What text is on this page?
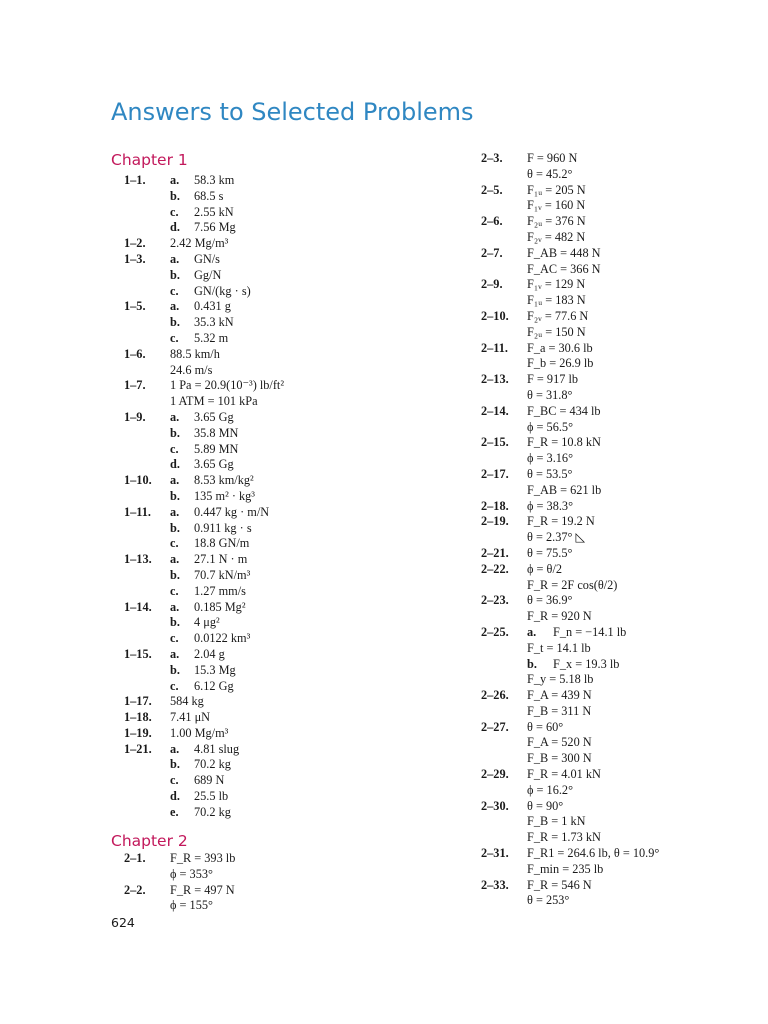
Answers to Selected Problems
Chapter 1
Chapter 2
1–1. a. 58.3 km
b. 68.5 s
c. 2.55 kN
d. 7.56 Mg
1–2. 2.42 Mg/m³
1–3. a. GN/s
b. Gg/N
c. GN/(kg · s)
1–5. a. 0.431 g
b. 35.3 kN
c. 5.32 m
1–6. 88.5 km/h
24.6 m/s
1–7. 1 Pa = 20.9(10⁻³) lb/ft²
1 ATM = 101 kPa
1–9. a. 3.65 Gg
b. 35.8 MN
c. 5.89 MN
d. 3.65 Gg
1–10. a. 8.53 km/kg²
b. 135 m² · kg³
1–11. a. 0.447 kg · m/N
b. 0.911 kg · s
c. 18.8 GN/m
1–13. a. 27.1 N · m
b. 70.7 kN/m³
c. 1.27 mm/s
1–14. a. 0.185 Mg²
b. 4 μg²
c. 0.0122 km³
1–15. a. 2.04 g
b. 15.3 Mg
c. 6.12 Gg
1–17. 584 kg
1–18. 7.41 μN
1–19. 1.00 Mg/m³
1–21. a. 4.81 slug
b. 70.2 kg
c. 689 N
d. 25.5 lb
e. 70.2 kg
2–1. F_R = 393 lb
ϕ = 353°
2–2. F_R = 497 N
ϕ = 155°
2–3. F = 960 N
θ = 45.2°
2–5. F₁ᵤ = 205 N
F₁ᵥ = 160 N
2–6. F₂ᵤ = 376 N
F₂ᵥ = 482 N
2–7. F_AB = 448 N
F_AC = 366 N
2–9. F₁ᵥ = 129 N
F₁ᵤ = 183 N
2–10. F₂ᵥ = 77.6 N
F₂ᵤ = 150 N
2–11. F_a = 30.6 lb
F_b = 26.9 lb
2–13. F = 917 lb
θ = 31.8°
2–14. F_BC = 434 lb
ϕ = 56.5°
2–15. F_R = 10.8 kN
ϕ = 3.16°
2–17. θ = 53.5°
F_AB = 621 lb
2–18. ϕ = 38.3°
2–19. F_R = 19.2 N
θ = 2.37° ◺
2–21. θ = 75.5°
2–22. ϕ = θ/2
F_R = 2F cos(θ/2)
2–23. θ = 36.9°
F_R = 920 N
2–25. a. F_n = −14.1 lb
F_t = 14.1 lb
b. F_x = 19.3 lb
F_y = 5.18 lb
2–26. F_A = 439 N
F_B = 311 N
2–27. θ = 60°
F_A = 520 N
F_B = 300 N
2–29. F_R = 4.01 kN
ϕ = 16.2°
2–30. θ = 90°
F_B = 1 kN
F_R = 1.73 kN
2–31. F_R1 = 264.6 lb, θ = 10.9°
F_min = 235 lb
2–33. F_R = 546 N
θ = 253°
624
